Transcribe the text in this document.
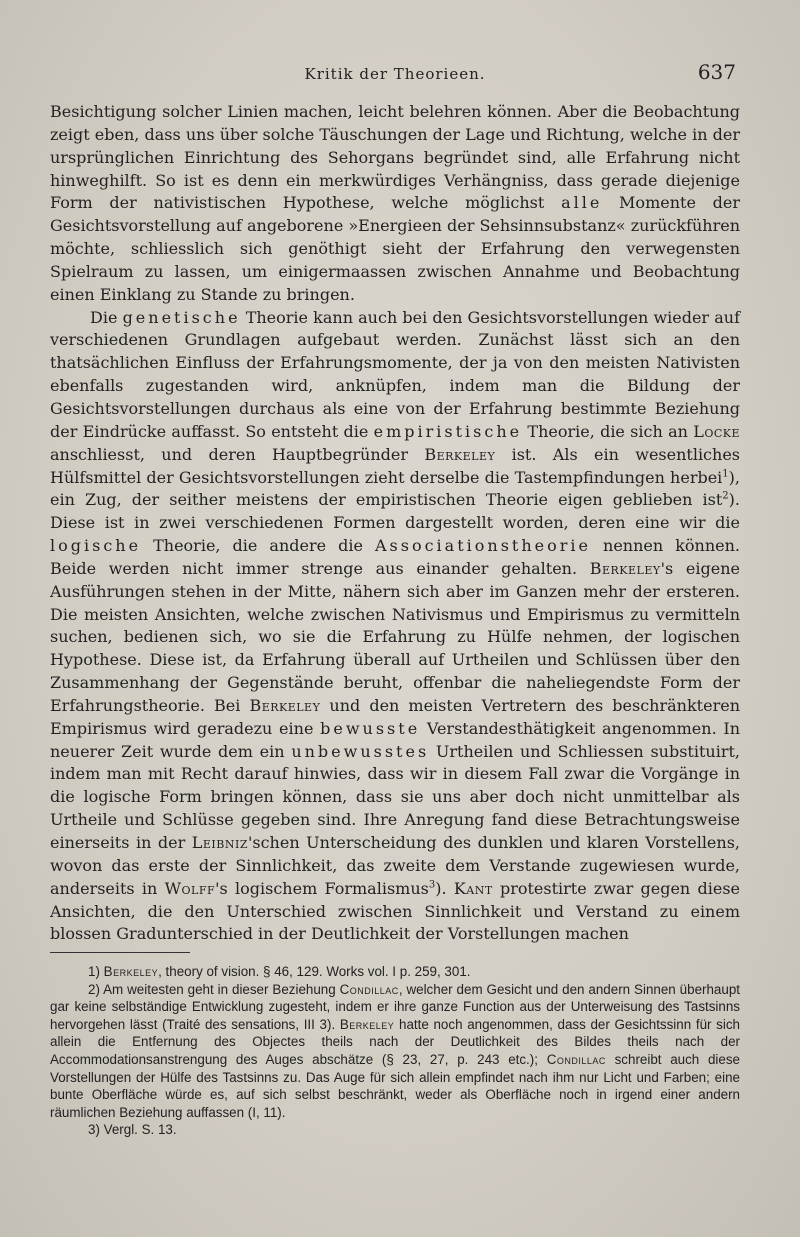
Kritik der Theorieen.	637

Besichtigung solcher Linien machen, leicht belehren können. Aber die Beobachtung zeigt eben, dass uns über solche Täuschungen der Lage und Richtung, welche in der ursprünglichen Einrichtung des Sehorgans begründet sind, alle Erfahrung nicht hinweghilft. So ist es denn ein merkwürdiges Verhängniss, dass gerade diejenige Form der nativistischen Hypothese, welche möglichst alle Momente der Gesichtsvorstellung auf angeborene »Energieen der Sehsinnsubstanz« zurückführen möchte, schliesslich sich genöthigt sieht der Erfahrung den verwegensten Spielraum zu lassen, um einigermaassen zwischen Annahme und Beobachtung einen Einklang zu Stande zu bringen.

Die genetische Theorie kann auch bei den Gesichtsvorstellungen wieder auf verschiedenen Grundlagen aufgebaut werden. Zunächst lässt sich an den thatsächlichen Einfluss der Erfahrungsmomente, der ja von den meisten Nativisten ebenfalls zugestanden wird, anknüpfen, indem man die Bildung der Gesichtsvorstellungen durchaus als eine von der Erfahrung bestimmte Beziehung der Eindrücke auffasst. So entsteht die empiristische Theorie, die sich an Locke anschliesst, und deren Hauptbegründer Berkeley ist. Als ein wesentliches Hülfsmittel der Gesichtsvorstellungen zieht derselbe die Tastempfindungen herbei$^1$), ein Zug, der seither meistens der empiristischen Theorie eigen geblieben ist$^2$). Diese ist in zwei verschiedenen Formen dargestellt worden, deren eine wir die logische Theorie, die andere die Associationstheorie nennen können. Beide werden nicht immer strenge aus einander gehalten. Berkeley's eigene Ausführungen stehen in der Mitte, nähern sich aber im Ganzen mehr der ersteren. Die meisten Ansichten, welche zwischen Nativismus und Empirismus zu vermitteln suchen, bedienen sich, wo sie die Erfahrung zu Hülfe nehmen, der logischen Hypothese. Diese ist, da Erfahrung überall auf Urtheilen und Schlüssen über den Zusammenhang der Gegenstände beruht, offenbar die naheliegendste Form der Erfahrungstheorie. Bei Berkeley und den meisten Vertretern des beschränkteren Empirismus wird geradezu eine bewusste Verstandesthätigkeit angenommen. In neuerer Zeit wurde dem ein unbewusstes Urtheilen und Schliessen substituirt, indem man mit Recht darauf hinwies, dass wir in diesem Fall zwar die Vorgänge in die logische Form bringen können, dass sie uns aber doch nicht unmittelbar als Urtheile und Schlüsse gegeben sind. Ihre Anregung fand diese Betrachtungsweise einerseits in der Leibniz'schen Unterscheidung des dunklen und klaren Vorstellens, wovon das erste der Sinnlichkeit, das zweite dem Verstande zugewiesen wurde, anderseits in Wolff's logischem Formalismus$^3$). Kant protestirte zwar gegen diese Ansichten, die den Unterschied zwischen Sinnlichkeit und Verstand zu einem blossen Gradunterschied in der Deutlichkeit der Vorstellungen machen

1) Berkeley, theory of vision. § 46, 129. Works vol. I p. 259, 301.

2) Am weitesten geht in dieser Beziehung Condillac, welcher dem Gesicht und den andern Sinnen überhaupt gar keine selbständige Entwicklung zugesteht, indem er ihre ganze Function aus der Unterweisung des Tastsinns hervorgehen lässt (Traité des sensations, III 3). Berkeley hatte noch angenommen, dass der Gesichtssinn für sich allein die Entfernung des Objectes theils nach der Deutlichkeit des Bildes theils nach der Accommodationsanstrengung des Auges abschätze (§ 23, 27, p. 243 etc.); Condillac schreibt auch diese Vorstellungen der Hülfe des Tastsinns zu. Das Auge für sich allein empfindet nach ihm nur Licht und Farben; eine bunte Oberfläche würde es, auf sich selbst beschränkt, weder als Oberfläche noch in irgend einer andern räumlichen Beziehung auffassen (I, 11).

3) Vergl. S. 13.
